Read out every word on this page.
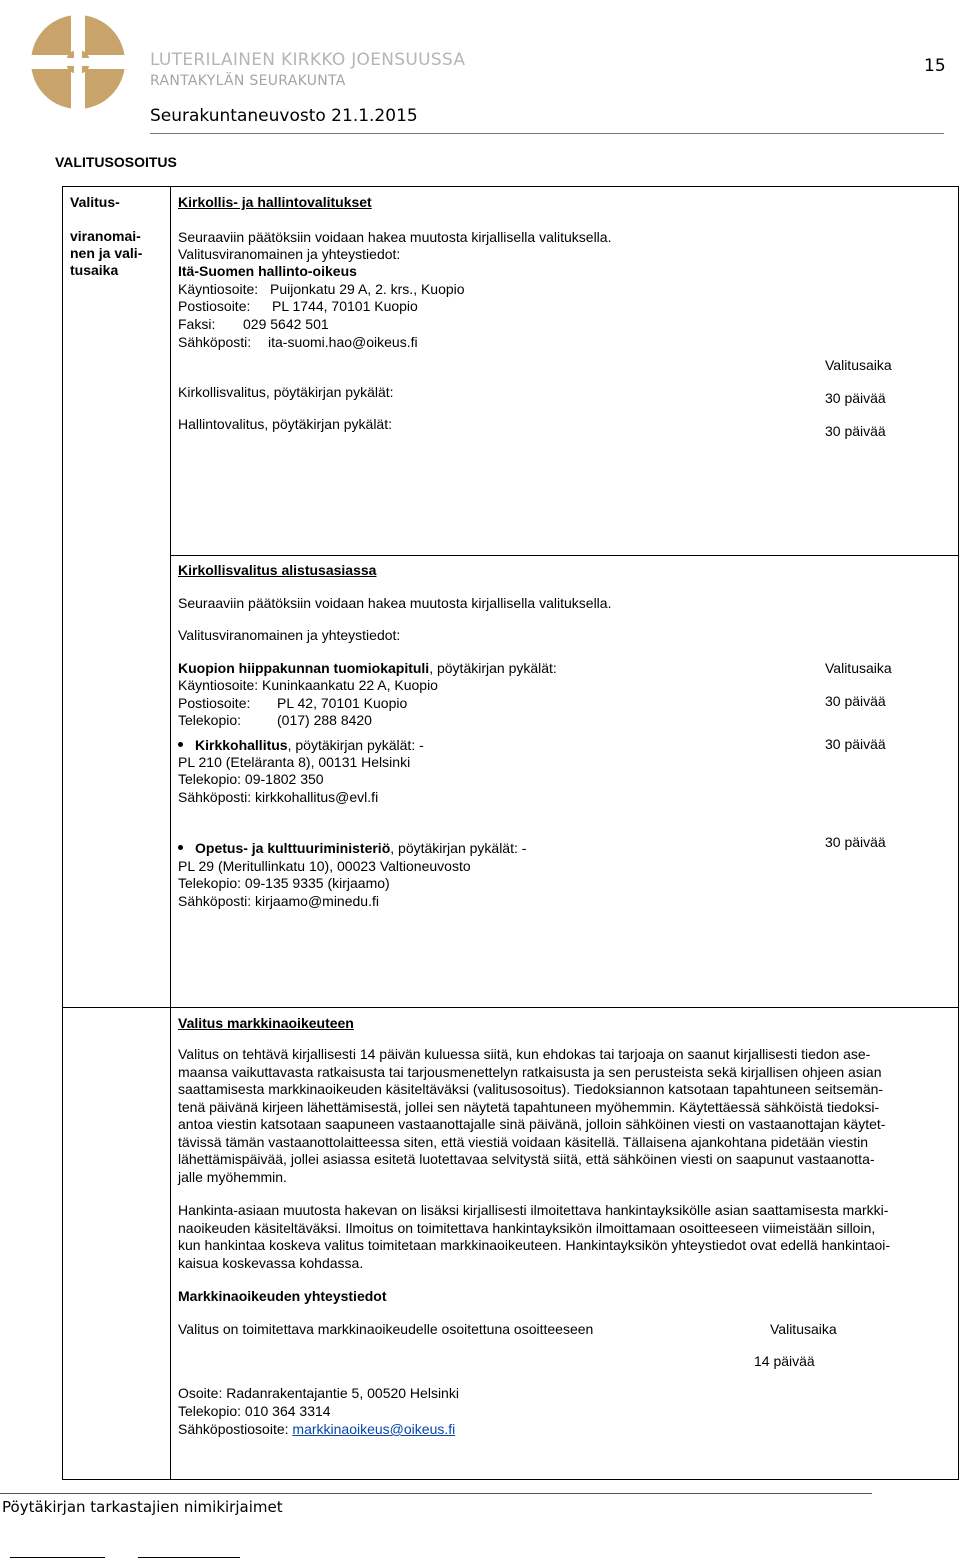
LUTERILAINEN KIRKKO JOENSUUSSA
RANTAKYLÄN SEURAKUNTA
Seurakuntaneuvosto 21.1.2015
15
VALITUSOSOITUS
Valitus-
viranomai-
nen ja vali-
tusaika
Kirkollis- ja hallintovalitukset
Seuraaviin päätöksiin voidaan hakea muutosta kirjallisella valituksella.
Valitusviranomainen ja yhteystiedot:
Itä-Suomen hallinto-oikeus
Käyntiosoite: Puijonkatu 29 A, 2. krs., Kuopio
Postiosoite: PL 1744, 70101 Kuopio
Faksi: 029 5642 501
Sähköposti: ita-suomi.hao@oikeus.fi
Valitusaika
Kirkollisvalitus, pöytäkirjan pykälät:	30 päivää
Hallintovalitus, pöytäkirjan pykälät:	30 päivää
Kirkollisvalitus alistusasiassa
Seuraaviin päätöksiin voidaan hakea muutosta kirjallisella valituksella.
Valitusviranomainen ja yhteystiedot:
Kuopion hiippakunnan tuomiokapituli, pöytäkirjan pykälät:	Valitusaika
Käyntiosoite: Kuninkaankatu 22 A, Kuopio
Postiosoite: PL 42, 70101 Kuopio	30 päivää
Telekopio:	(017) 288 8420
Kirkkohallitus, pöytäkirjan pykälät: -	30 päivää
PL 210 (Eteläranta 8), 00131 Helsinki
Telekopio: 09-1802 350
Sähköposti: kirkkohallitus@evl.fi
Opetus- ja kulttuuriministeriö, pöytäkirjan pykälät: -	30 päivää
PL 29 (Meritullinkatu 10), 00023 Valtioneuvosto
Telekopio: 09-135 9335 (kirjaamo)
Sähköposti: kirjaamo@minedu.fi
Valitus markkinaoikeuteen
Valitus on tehtävä kirjallisesti 14 päivän kuluessa siitä, kun ehdokas tai tarjoaja on saanut kirjallisesti tiedon ase-
maansa vaikuttavasta ratkaisusta tai tarjousmenettelyn ratkaisusta ja sen perusteista sekä kirjallisen ohjeen asian
saattamisesta markkinaoikeuden käsiteltäväksi (valitusosoitus). Tiedoksiannon katsotaan tapahtuneen seitsemän-
tenä päivänä kirjeen lähettämisestä, jollei sen näytetä tapahtuneen myöhemmin. Käytettäessä sähköistä tiedoksi-
antoa viestin katsotaan saapuneen vastaanottajalle sinä päivänä, jolloin sähköinen viesti on vastaanottajan käytet-
tävissä tämän vastaanottolaitteessa siten, että viestiä voidaan käsitellä. Tällaisena ajankohtana pidetään viestin
lähettämispäivää, jollei asiassa esitetä luotettavaa selvitystä siitä, että sähköinen viesti on saapunut vastaanotta-
jalle myöhemmin.
Hankinta-asiaan muutosta hakevan on lisäksi kirjallisesti ilmoitettava hankintayksikölle asian saattamisesta markki-
naoikeuden käsiteltäväksi. Ilmoitus on toimitettava hankintayksikön ilmoittamaan osoitteeseen viimeistään silloin,
kun hankintaa koskeva valitus toimitetaan markkinaoikeuteen. Hankintayksikön yhteystiedot ovat edellä hankintaoi-
kaisua koskevassa kohdassa.
Markkinaoikeuden yhteystiedot
Valitus on toimitettava markkinaoikeudelle osoitettuna osoitteeseen	Valitusaika
14 päivää
Osoite: Radanrakentajantie 5, 00520 Helsinki
Telekopio: 010 364 3314
Sähköpostiosoite: markkinaoikeus@oikeus.fi
Pöytäkirjan tarkastajien nimikirjaimet
